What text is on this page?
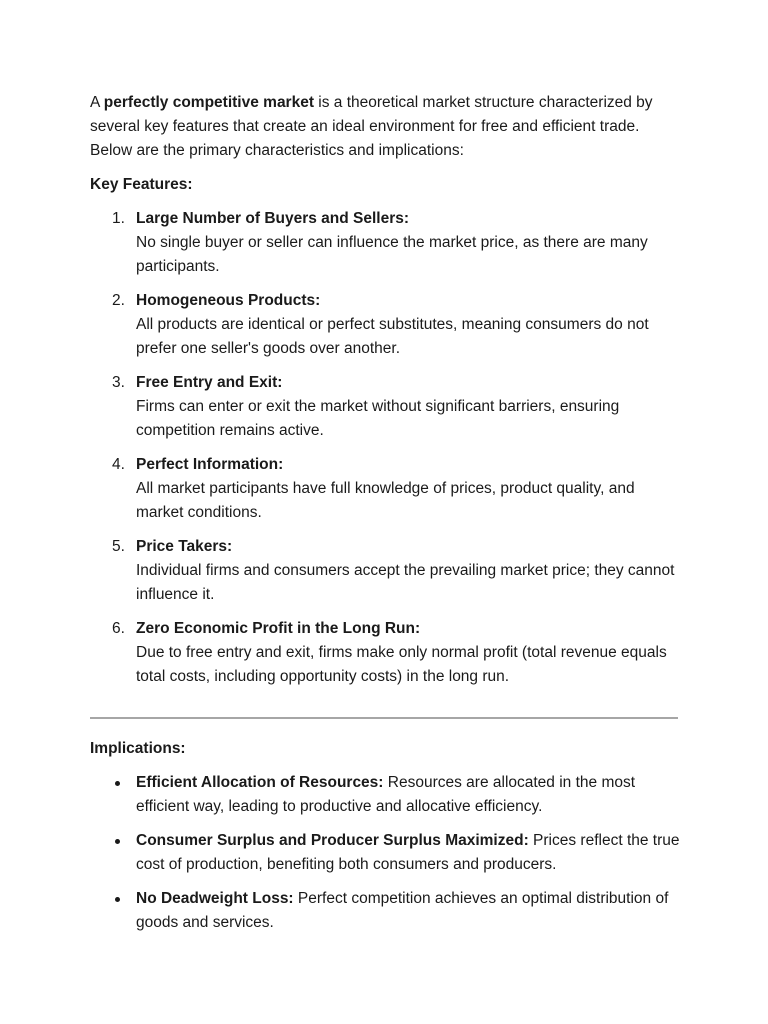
A perfectly competitive market is a theoretical market structure characterized by several key features that create an ideal environment for free and efficient trade. Below are the primary characteristics and implications:

Key Features:

1. Large Number of Buyers and Sellers:
No single buyer or seller can influence the market price, as there are many participants.
2. Homogeneous Products:
All products are identical or perfect substitutes, meaning consumers do not prefer one seller's goods over another.
3. Free Entry and Exit:
Firms can enter or exit the market without significant barriers, ensuring competition remains active.
4. Perfect Information:
All market participants have full knowledge of prices, product quality, and market conditions.
5. Price Takers:
Individual firms and consumers accept the prevailing market price; they cannot influence it.
6. Zero Economic Profit in the Long Run:
Due to free entry and exit, firms make only normal profit (total revenue equals total costs, including opportunity costs) in the long run.

Implications:

Efficient Allocation of Resources: Resources are allocated in the most efficient way, leading to productive and allocative efficiency.
Consumer Surplus and Producer Surplus Maximized: Prices reflect the true cost of production, benefiting both consumers and producers.
No Deadweight Loss: Perfect competition achieves an optimal distribution of goods and services.
